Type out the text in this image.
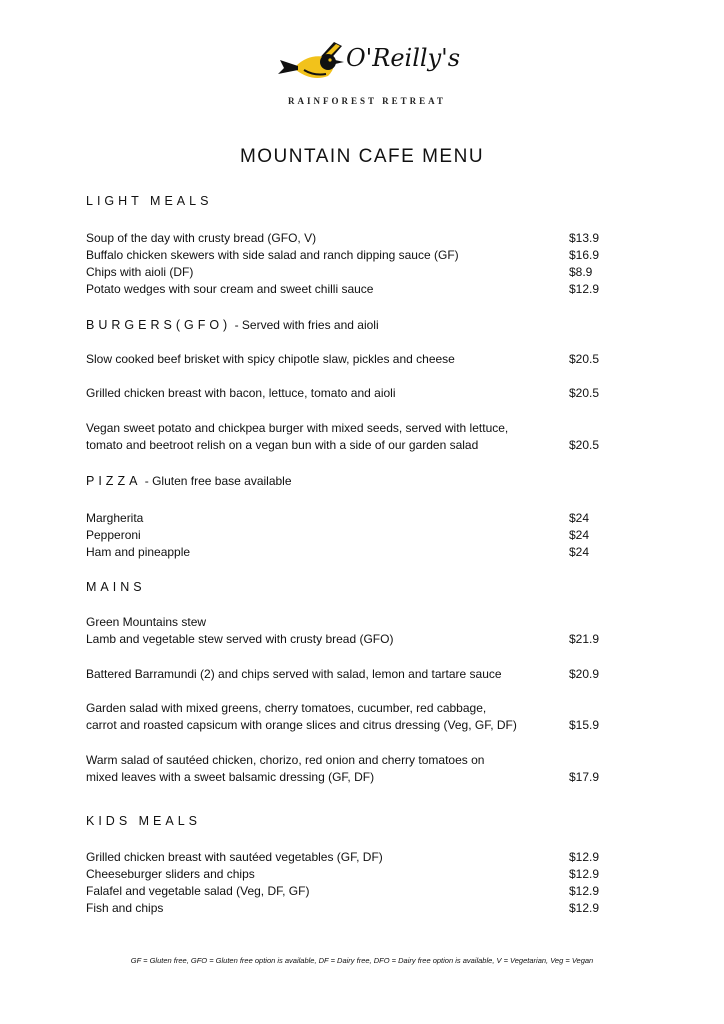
O'Reilly's
RAINFOREST RETREAT
MOUNTAIN CAFE MENU
LIGHT MEALS
Soup of the day with crusty bread (GFO, V)	$13.9
Buffalo chicken skewers with side salad and ranch dipping sauce (GF)	$16.9
Chips with aioli (DF)	$8.9
Potato wedges with sour cream and sweet chilli sauce	$12.9
BURGERS(GFO) - Served with fries and aioli
Slow cooked beef brisket with spicy chipotle slaw, pickles and cheese	$20.5
Grilled chicken breast with bacon, lettuce, tomato and aioli	$20.5
Vegan sweet potato and chickpea burger with mixed seeds, served with lettuce,
tomato and beetroot relish on a vegan bun with a side of our garden salad	$20.5
PIZZA - Gluten free base available
Margherita	$24
Pepperoni	$24
Ham and pineapple	$24
MAINS
Green Mountains stew
Lamb and vegetable stew served with crusty bread (GFO)	$21.9
Battered Barramundi (2) and chips served with salad, lemon and tartare sauce	$20.9
Garden salad with mixed greens, cherry tomatoes, cucumber, red cabbage,
carrot and roasted capsicum with orange slices and citrus dressing (Veg, GF, DF)	$15.9
Warm salad of sautéed chicken, chorizo, red onion and cherry tomatoes on
mixed leaves with a sweet balsamic dressing (GF, DF)	$17.9
KIDS MEALS
Grilled chicken breast with sautéed vegetables (GF, DF)	$12.9
Cheeseburger sliders and chips	$12.9
Falafel and vegetable salad (Veg, DF, GF)	$12.9
Fish and chips	$12.9
GF = Gluten free, GFO = Gluten free option is available, DF = Dairy free, DFO = Dairy free option is available, V = Vegetarian, Veg = Vegan
